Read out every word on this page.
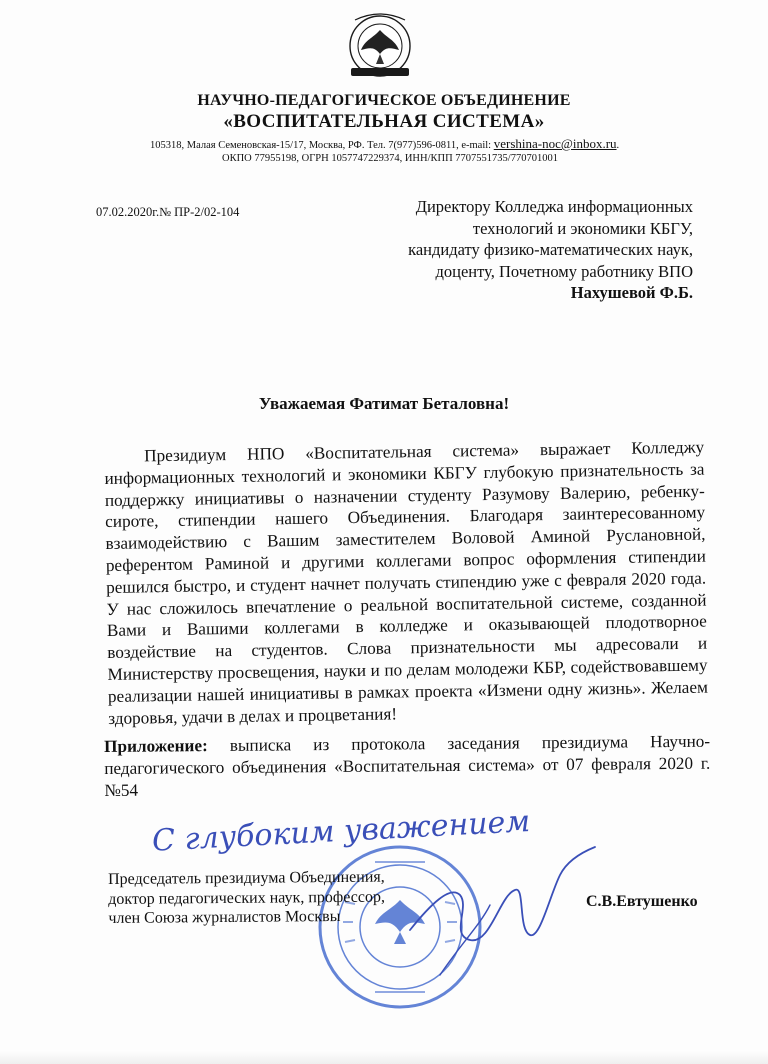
НАУЧНО-ПЕДАГОГИЧЕСКОЕ ОБЪЕДИНЕНИЕ
«ВОСПИТАТЕЛЬНАЯ СИСТЕМА»
105318, Малая Семеновская-15/17, Москва, РФ. Тел. 7(977)596-0811, e-mail: vershina-noc@inbox.ru.
ОКПО 77955198, ОГРН 1057747229374, ИНН/КПП 7707551735/770701001
07.02.2020г.№ ПР-2/02-104	Директору Колледжа информационных
технологий и экономики КБГУ,
кандидату физико-математических наук,
доценту, Почетному работнику ВПО
Нахушевой Ф.Б.
Уважаемая Фатимат Беталовна!
Президиум НПО «Воспитательная система» выражает Колледжу информационных технологий и экономики КБГУ глубокую признательность за поддержку инициативы о назначении студенту Разумову Валерию, ребенку-сироте, стипендии нашего Объединения. Благодаря заинтересованному взаимодействию с Вашим заместителем Воловой Аминой Руслановной, референтом Раминой и другими коллегами вопрос оформления стипендии решился быстро, и студент начнет получать стипендию уже с февраля 2020 года. У нас сложилось впечатление о реальной воспитательной системе, созданной Вами и Вашими коллегами в колледже и оказывающей плодотворное воздействие на студентов. Слова признательности мы адресовали и Министерству просвещения, науки и по делам молодежи КБР, содействовавшему реализации нашей инициативы в рамках проекта «Измени одну жизнь». Желаем здоровья, удачи в делах и процветания!
Приложение: выписка из протокола заседания президиума Научно-педагогического объединения «Воспитательная система» от 07 февраля 2020 г. №54
С глубоким уважением
Председатель президиума Объединения,
доктор педагогических наук, профессор,
член Союза журналистов Москвы
С.В.Евтушенко
